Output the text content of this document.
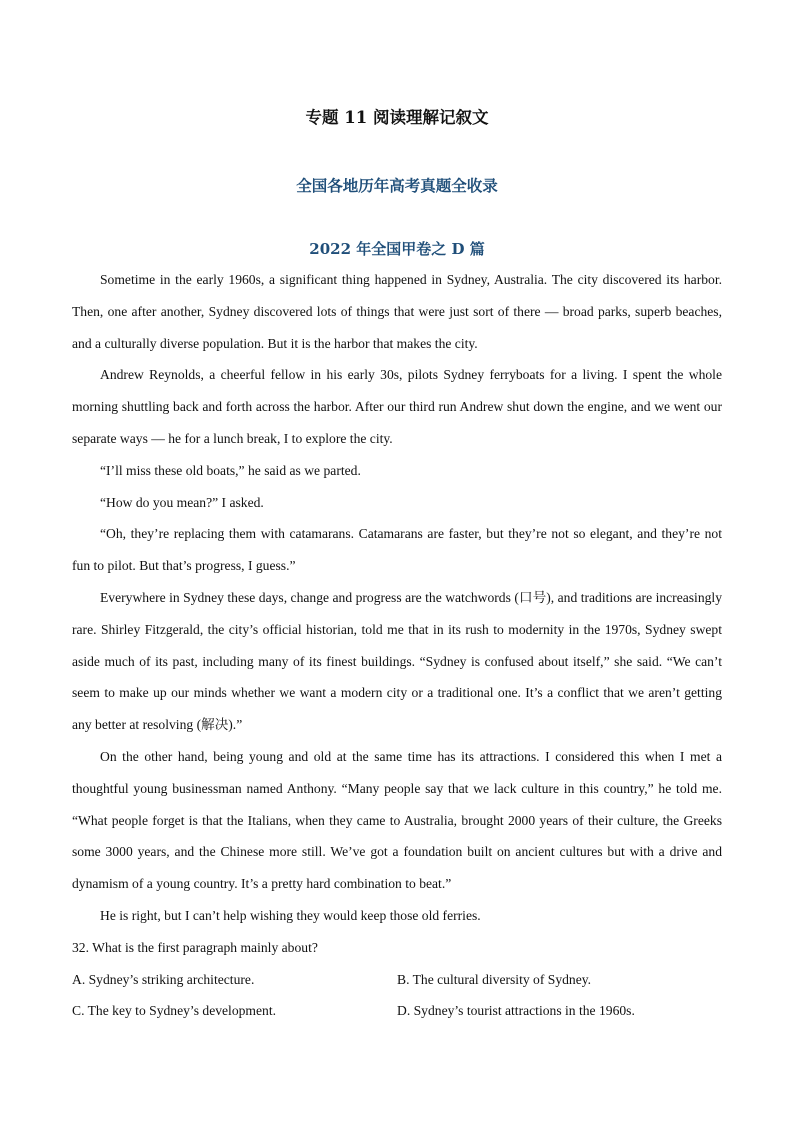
专题 11 阅读理解记叙文
全国各地历年高考真题全收录
2022 年全国甲卷之 D 篇

Sometime in the early 1960s, a significant thing happened in Sydney, Australia. The city discovered its harbor. Then, one after another, Sydney discovered lots of things that were just sort of there — broad parks, superb beaches, and a culturally diverse population. But it is the harbor that makes the city.

Andrew Reynolds, a cheerful fellow in his early 30s, pilots Sydney ferryboats for a living. I spent the whole morning shuttling back and forth across the harbor. After our third run Andrew shut down the engine, and we went our separate ways — he for a lunch break, I to explore the city.

“I’ll miss these old boats,” he said as we parted.

“How do you mean?” I asked.

“Oh, they’re replacing them with catamarans. Catamarans are faster, but they’re not so elegant, and they’re not fun to pilot. But that’s progress, I guess.”

Everywhere in Sydney these days, change and progress are the watchwords (口号), and traditions are increasingly rare. Shirley Fitzgerald, the city’s official historian, told me that in its rush to modernity in the 1970s, Sydney swept aside much of its past, including many of its finest buildings. “Sydney is confused about itself,” she said. “We can’t seem to make up our minds whether we want a modern city or a traditional one. It’s a conflict that we aren’t getting any better at resolving (解决).”

On the other hand, being young and old at the same time has its attractions. I considered this when I met a thoughtful young businessman named Anthony. “Many people say that we lack culture in this country,” he told me. “What people forget is that the Italians, when they came to Australia, brought 2000 years of their culture, the Greeks some 3000 years, and the Chinese more still. We’ve got a foundation built on ancient cultures but with a drive and dynamism of a young country. It’s a pretty hard combination to beat.”

He is right, but I can’t help wishing they would keep those old ferries.

32. What is the first paragraph mainly about?

A. Sydney’s striking architecture.	B. The cultural diversity of Sydney.
C. The key to Sydney’s development.	D. Sydney’s tourist attractions in the 1960s.
